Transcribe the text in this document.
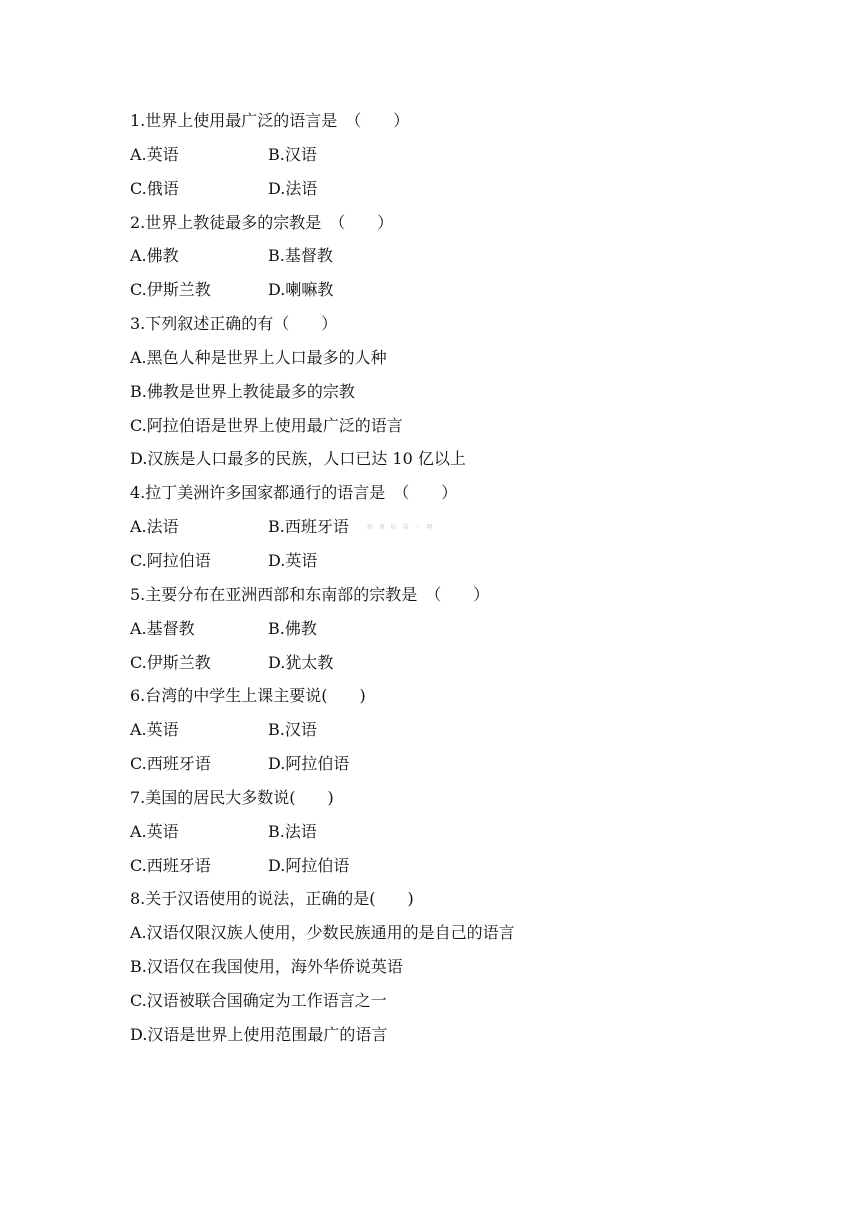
1.世界上使用最广泛的语言是 （　　）
A.英语	B.汉语
C.俄语	D.法语
2.世界上教徒最多的宗教是 （　　）
A.佛教	B.基督教
C.伊斯兰教	D.喇嘛教
3.下列叙述正确的有（　　）
A.黑色人种是世界上人口最多的人种
B.佛教是世界上教徒最多的宗教
C.阿拉伯语是世界上使用最广泛的语言
D.汉族是人口最多的民族，人口已达 10 亿以上
4.拉丁美洲许多国家都通行的语言是 （　　）
A.法语	B.西班牙语	新 课 标 第 一 网
C.阿拉伯语	D.英语
5.主要分布在亚洲西部和东南部的宗教是 （　　）
A.基督教	B.佛教
C.伊斯兰教	D.犹太教
6.台湾的中学生上课主要说(　　)
A.英语	B.汉语
C.西班牙语	D.阿拉伯语
7.美国的居民大多数说(　　)
A.英语	B.法语
C.西班牙语	D.阿拉伯语
8.关于汉语使用的说法，正确的是(　　)
A.汉语仅限汉族人使用，少数民族通用的是自己的语言
B.汉语仅在我国使用，海外华侨说英语
C.汉语被联合国确定为工作语言之一
D.汉语是世界上使用范围最广的语言
